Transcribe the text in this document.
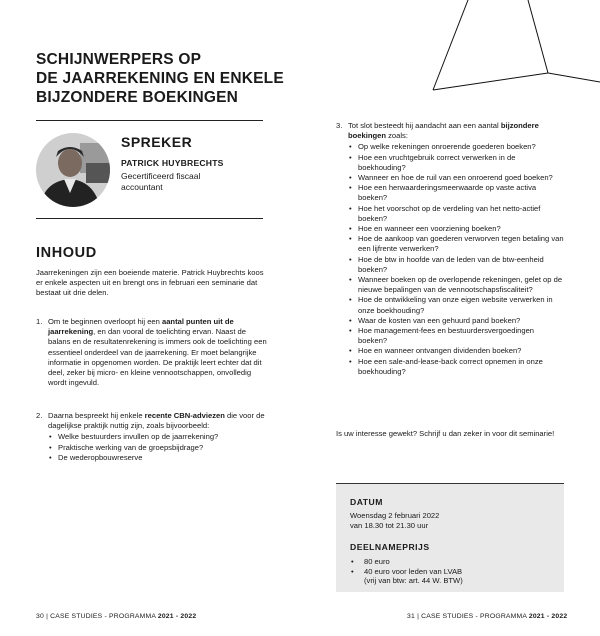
SCHIJNWERPERS OP
DE JAARREKENING EN ENKELE
BIJZONDERE BOEKINGEN
SPREKER
PATRICK HUYBRECHTS
Gecertificeerd fiscaal
accountant
INHOUD

Jaarrekeningen zijn een boeiende materie. Patrick Huybrechts koos er enkele aspecten uit en brengt ons in februari een seminarie dat bestaat uit drie delen.

1. Om te beginnen overloopt hij een aantal punten uit de jaarrekening, en dan vooral de toelichting ervan. Naast de balans en de resultatenrekening is immers ook de toelichting een essentieel onderdeel van de jaarrekening. Er moet belangrijke informatie in opgenomen worden. De praktijk leert echter dat dit deel, zeker bij micro- en kleine vennootschappen, onvolledig wordt ingevuld.
2. Daarna bespreekt hij enkele recente CBN-adviezen die voor de dagelijkse praktijk nuttig zijn, zoals bijvoorbeeld:
• Welke bestuurders invullen op de jaarrekening?
• Praktische werking van de groepsbijdrage?
• De wederopbouwreserve
3. Tot slot besteedt hij aandacht aan een aantal bijzondere boekingen zoals:
• Op welke rekeningen onroerende goederen boeken?
• Hoe een vruchtgebruik correct verwerken in de boekhouding?
• Wanneer en hoe de ruil van een onroerend goed boeken?
• Hoe een herwaarderingsmeerwaarde op vaste activa boeken?
• Hoe het voorschot op de verdeling van het netto-actief boeken?
• Hoe en wanneer een voorziening boeken?
• Hoe de aankoop van goederen verworven tegen betaling van een lijfrente verwerken?
• Hoe de btw in hoofde van de leden van de btw-eenheid boeken?
• Wanneer boeken op de overlopende rekeningen, gelet op de nieuwe bepalingen van de vennootschapsfiscaliteit?
• Hoe de ontwikkeling van onze eigen website verwerken in onze boekhouding?
• Waar de kosten van een gehuurd pand boeken?
• Hoe management-fees en bestuurdersvergoedingen boeken?
• Hoe en wanneer ontvangen dividenden boeken?
• Hoe een sale-and-lease-back correct opnemen in onze boekhouding?

Is uw interesse gewekt? Schrijf u dan zeker in voor dit seminarie!

DATUM
Woensdag 2 februari 2022
van 18.30 tot 21.30 uur
DEELNAMEPRIJS
• 80 euro
• 40 euro voor leden van LVAB
(vrij van btw: art. 44 W. BTW)
30 | CASE STUDIES - PROGRAMMA 2021 - 2022	31 | CASE STUDIES - PROGRAMMA 2021 - 2022
